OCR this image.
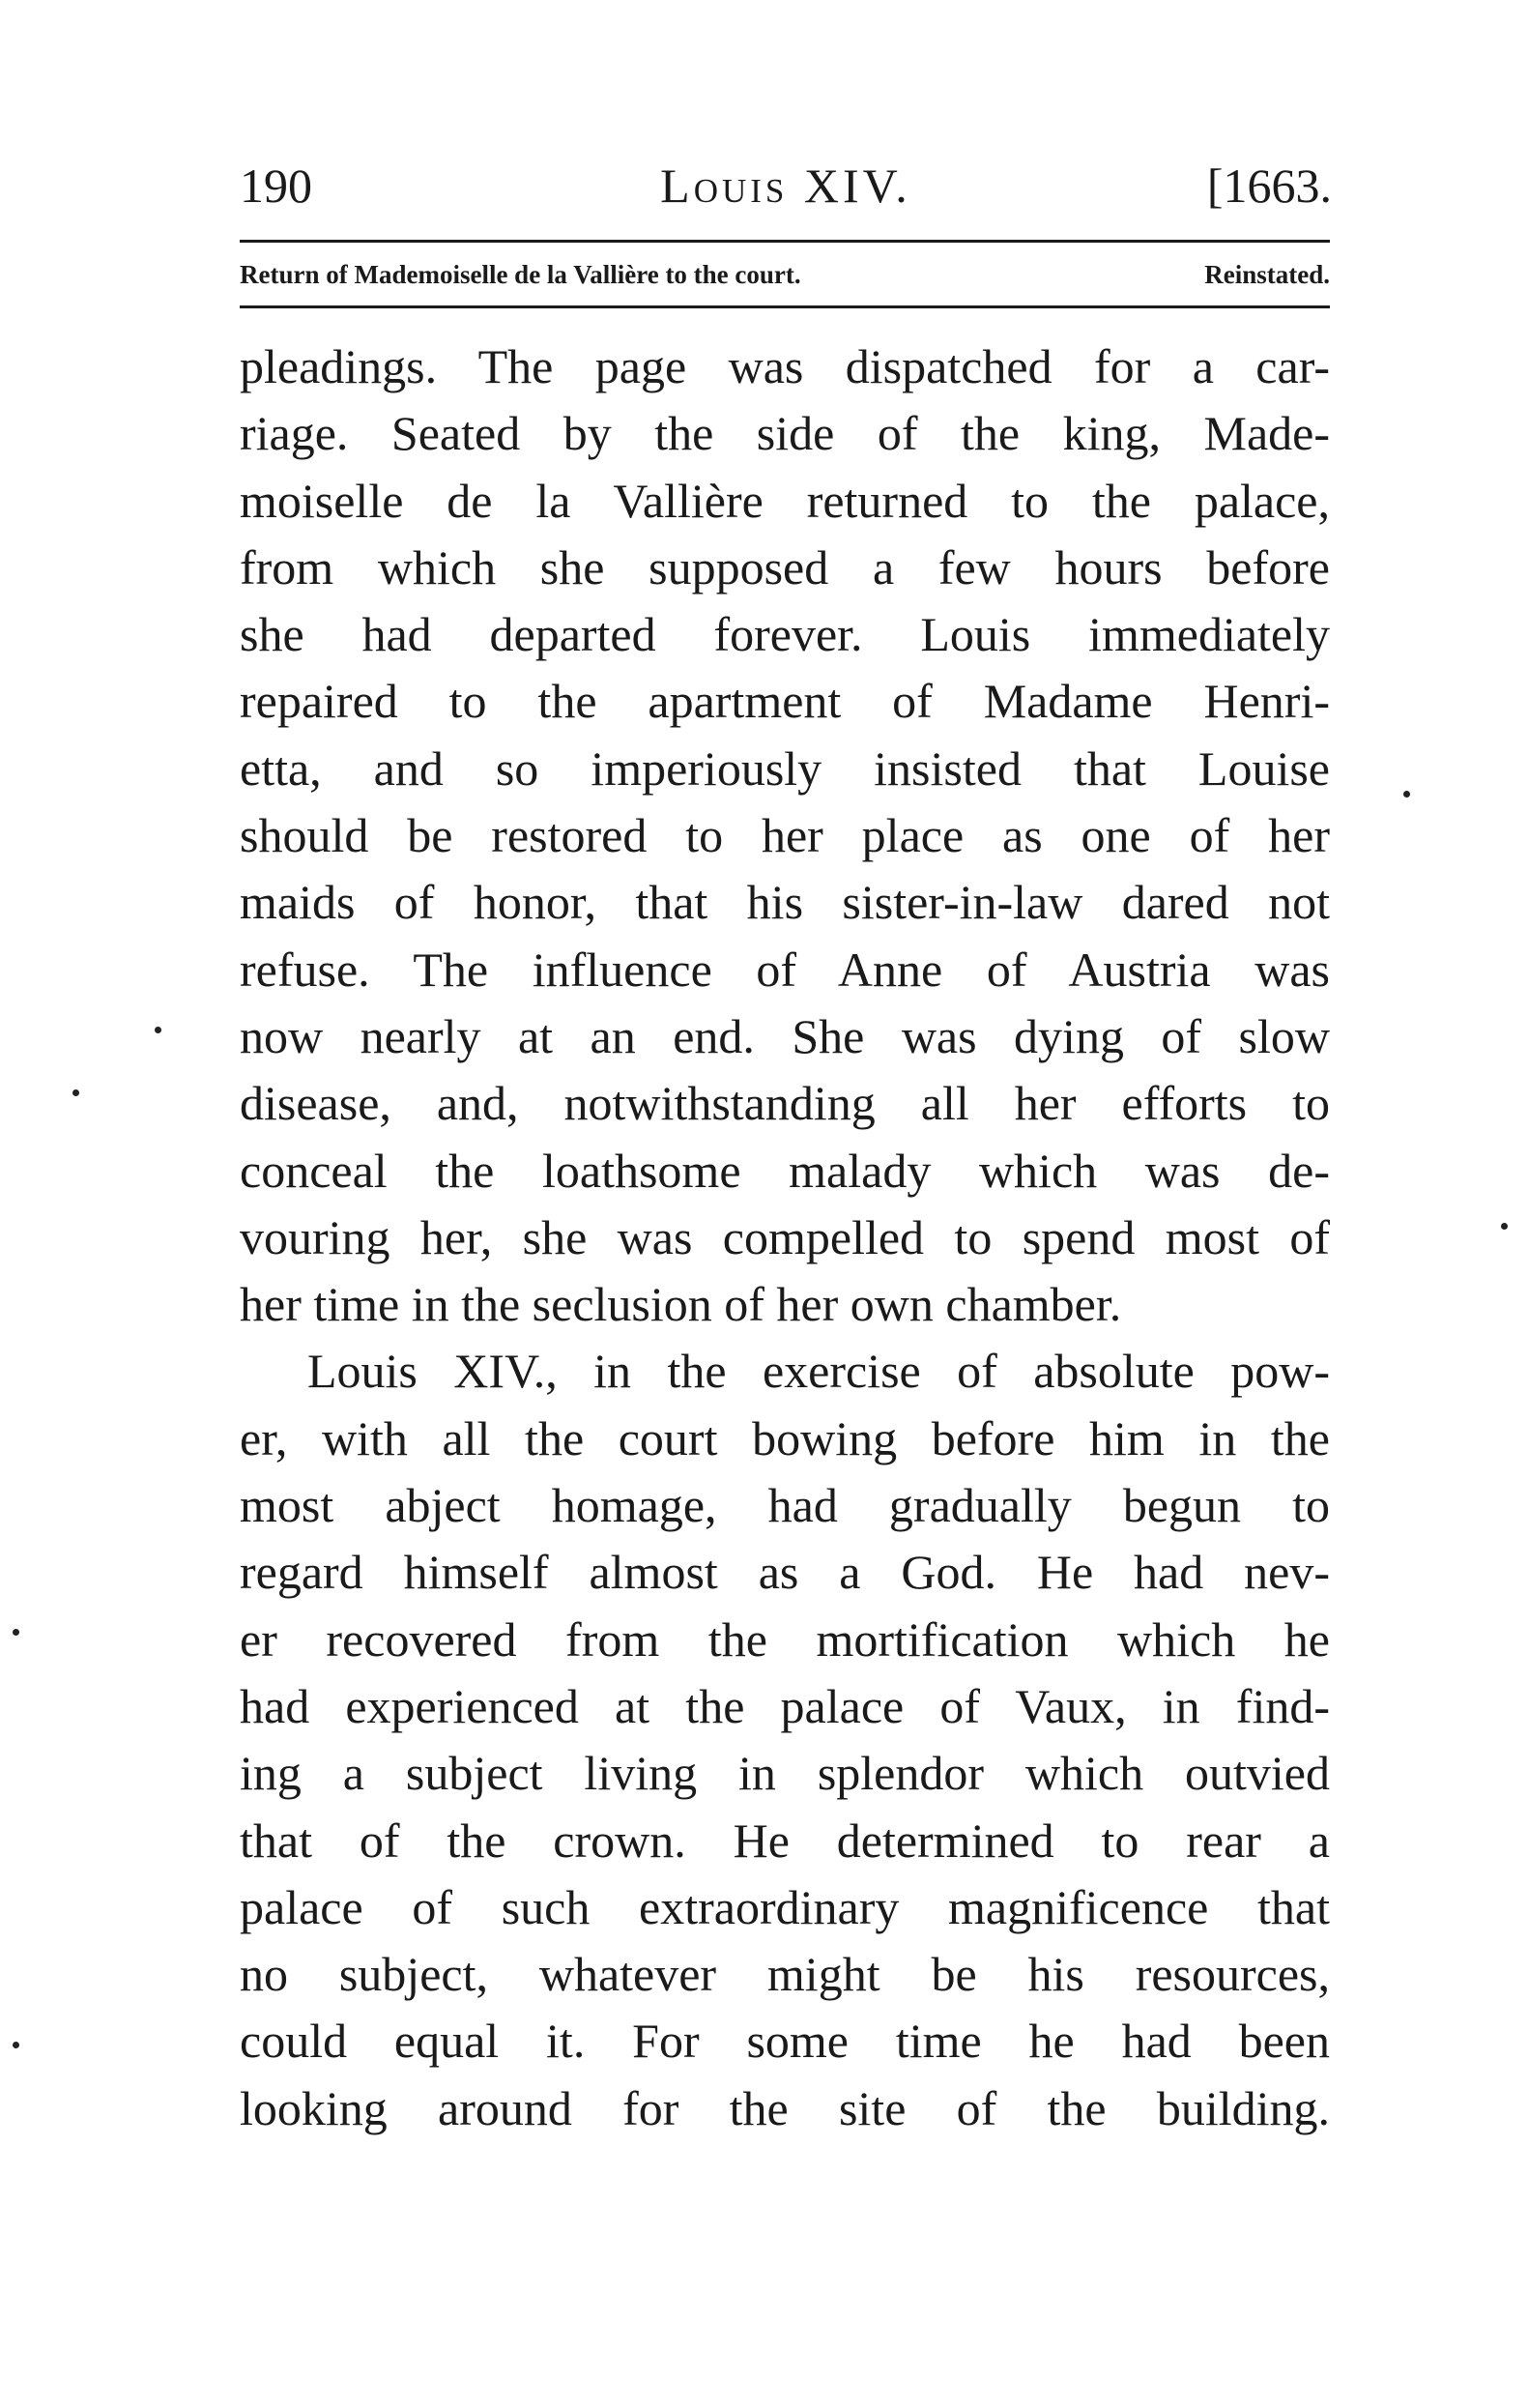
190	Louis XIV.	[1663.
Return of Mademoiselle de la Vallière to the court.	Reinstated.
pleadings. The page was dispatched for a car-
riage. Seated by the side of the king, Made-
moiselle de la Vallière returned to the palace,
from which she supposed a few hours before
she had departed forever. Louis immediately
repaired to the apartment of Madame Henri-
etta, and so imperiously insisted that Louise
should be restored to her place as one of her
maids of honor, that his sister-in-law dared not
refuse. The influence of Anne of Austria was
now nearly at an end. She was dying of slow
disease, and, notwithstanding all her efforts to
conceal the loathsome malady which was de-
vouring her, she was compelled to spend most of
her time in the seclusion of her own chamber.
Louis XIV., in the exercise of absolute pow-
er, with all the court bowing before him in the
most abject homage, had gradually begun to
regard himself almost as a God. He had nev-
er recovered from the mortification which he
had experienced at the palace of Vaux, in find-
ing a subject living in splendor which outvied
that of the crown. He determined to rear a
palace of such extraordinary magnificence that
no subject, whatever might be his resources,
could equal it. For some time he had been
looking around for the site of the building.
